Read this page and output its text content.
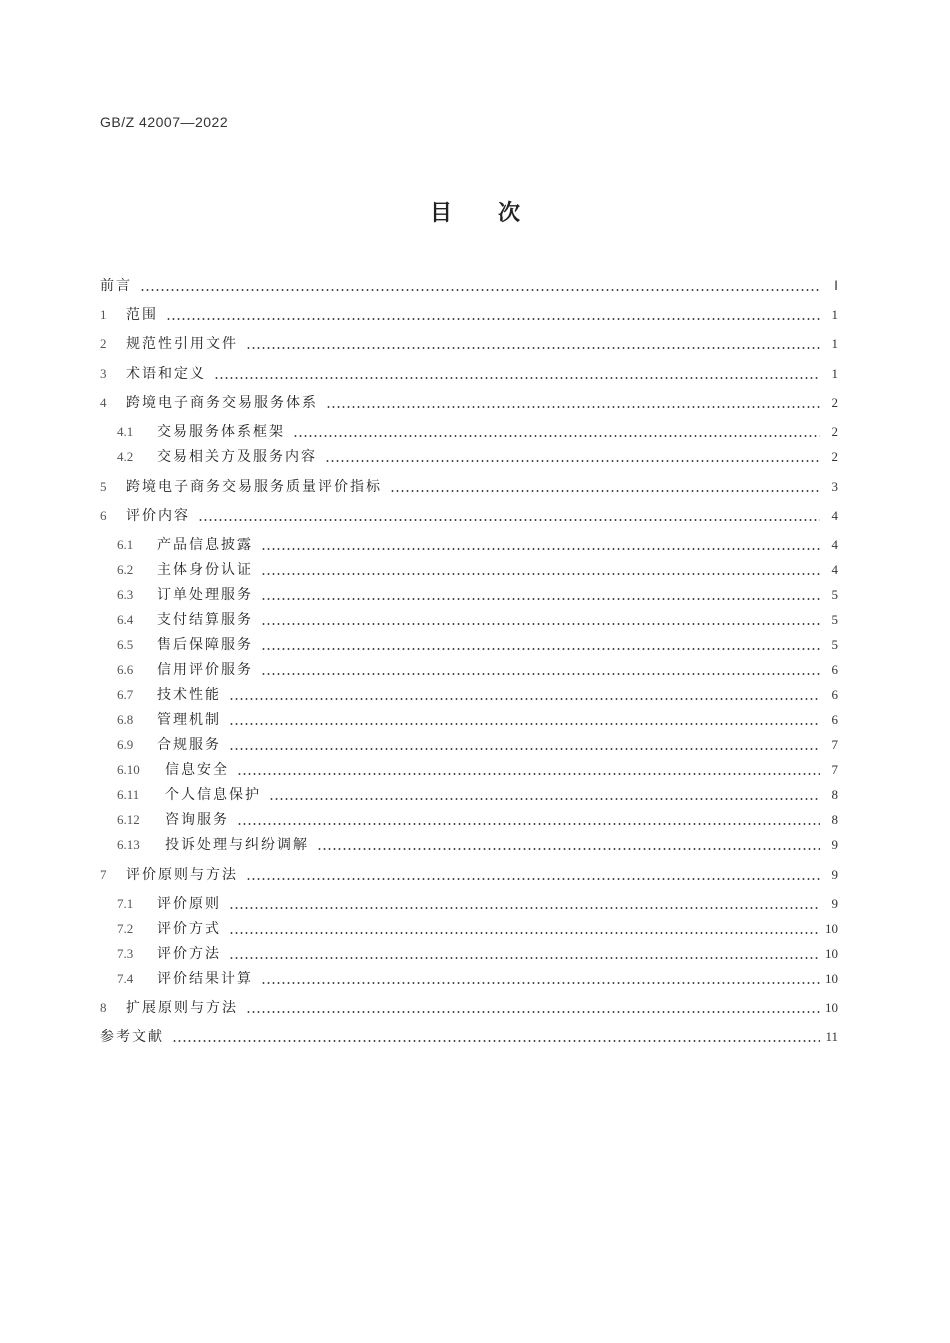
GB/Z 42007—2022
目 次
前言	Ⅰ
1	范围	1
2	规范性引用文件	1
3	术语和定义	1
4	跨境电子商务交易服务体系	2
4.1	交易服务体系框架	2
4.2	交易相关方及服务内容	2
5	跨境电子商务交易服务质量评价指标	3
6	评价内容	4
6.1	产品信息披露	4
6.2	主体身份认证	4
6.3	订单处理服务	5
6.4	支付结算服务	5
6.5	售后保障服务	5
6.6	信用评价服务	6
6.7	技术性能	6
6.8	管理机制	6
6.9	合规服务	7
6.10	信息安全	7
6.11	个人信息保护	8
6.12	咨询服务	8
6.13	投诉处理与纠纷调解	9
7	评价原则与方法	9
7.1	评价原则	9
7.2	评价方式	10
7.3	评价方法	10
7.4	评价结果计算	10
8	扩展原则与方法	10
参考文献	11
